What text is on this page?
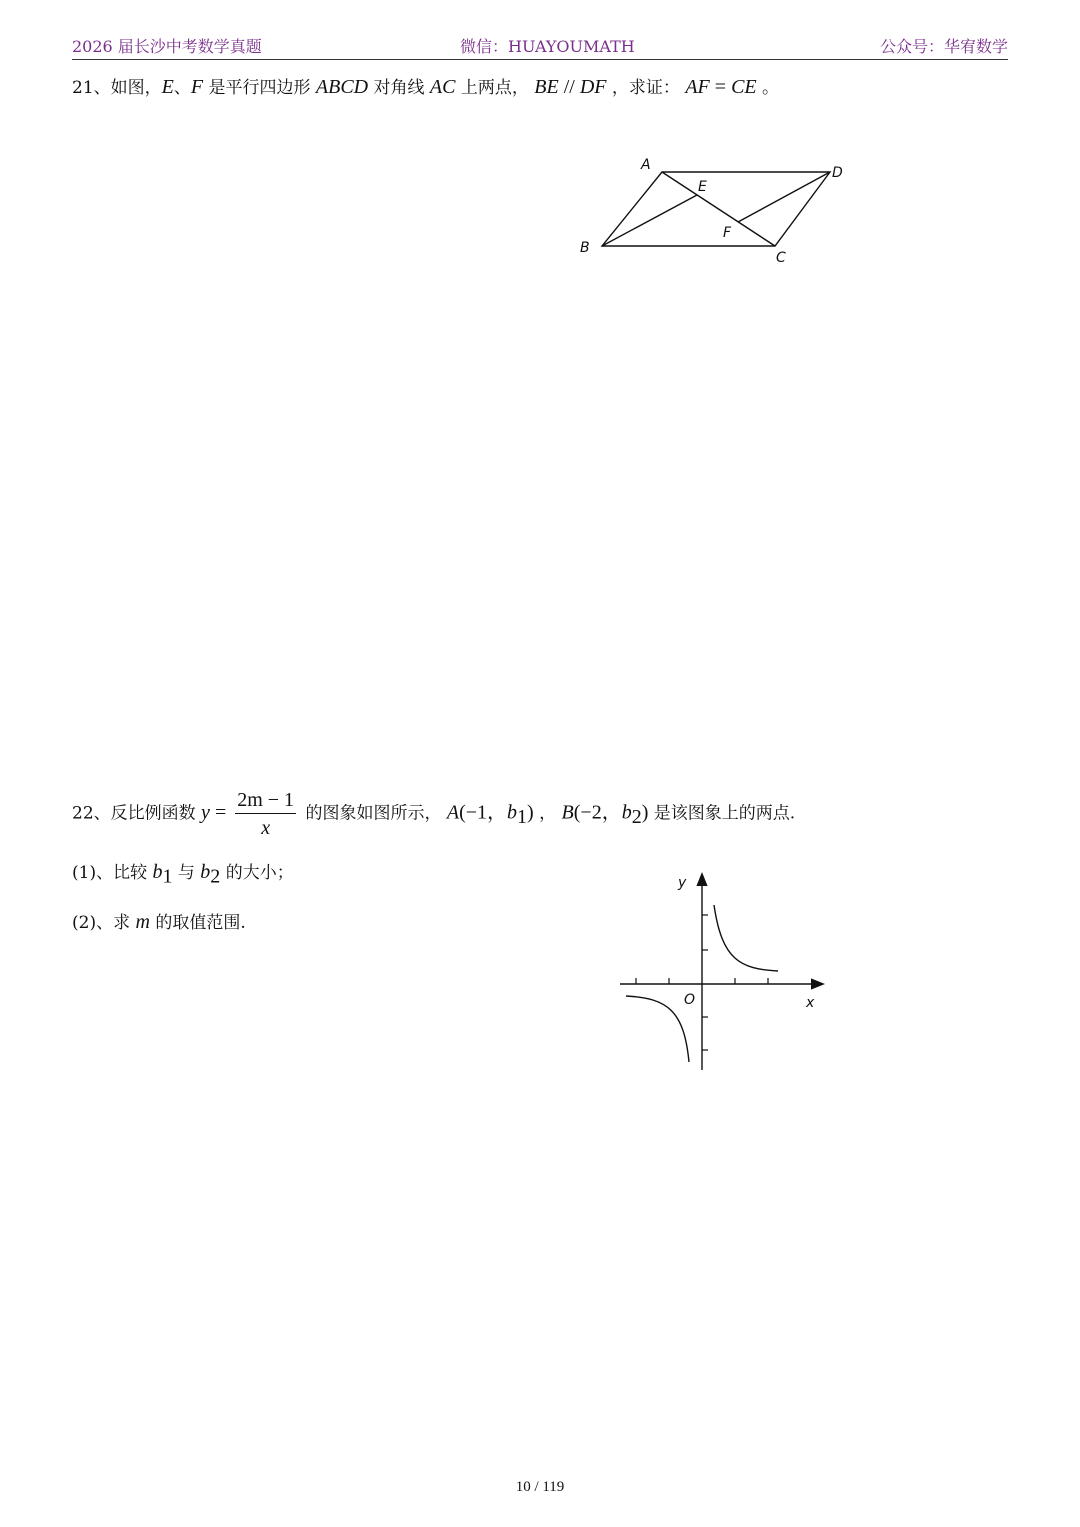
2026 届长沙中考数学真题	微信：HUAYOUMATH	公众号：华宥数学
21、如图，E、F 是平行四边形 ABCD 对角线 AC 上两点， BE // DF ，求证： AF = CE 。
A	D
E
F
B
C
22、反比例函数 $y = \frac{2m - 1}{x}$ 的图象如图所示， A(−1，$b_1$) ， B(−2，$b_2$) 是该图象上的两点.
(1)、比较 $b_1$ 与 $b_2$ 的大小；
(2)、求 m 的取值范围.
y
x
O
10 / 119
